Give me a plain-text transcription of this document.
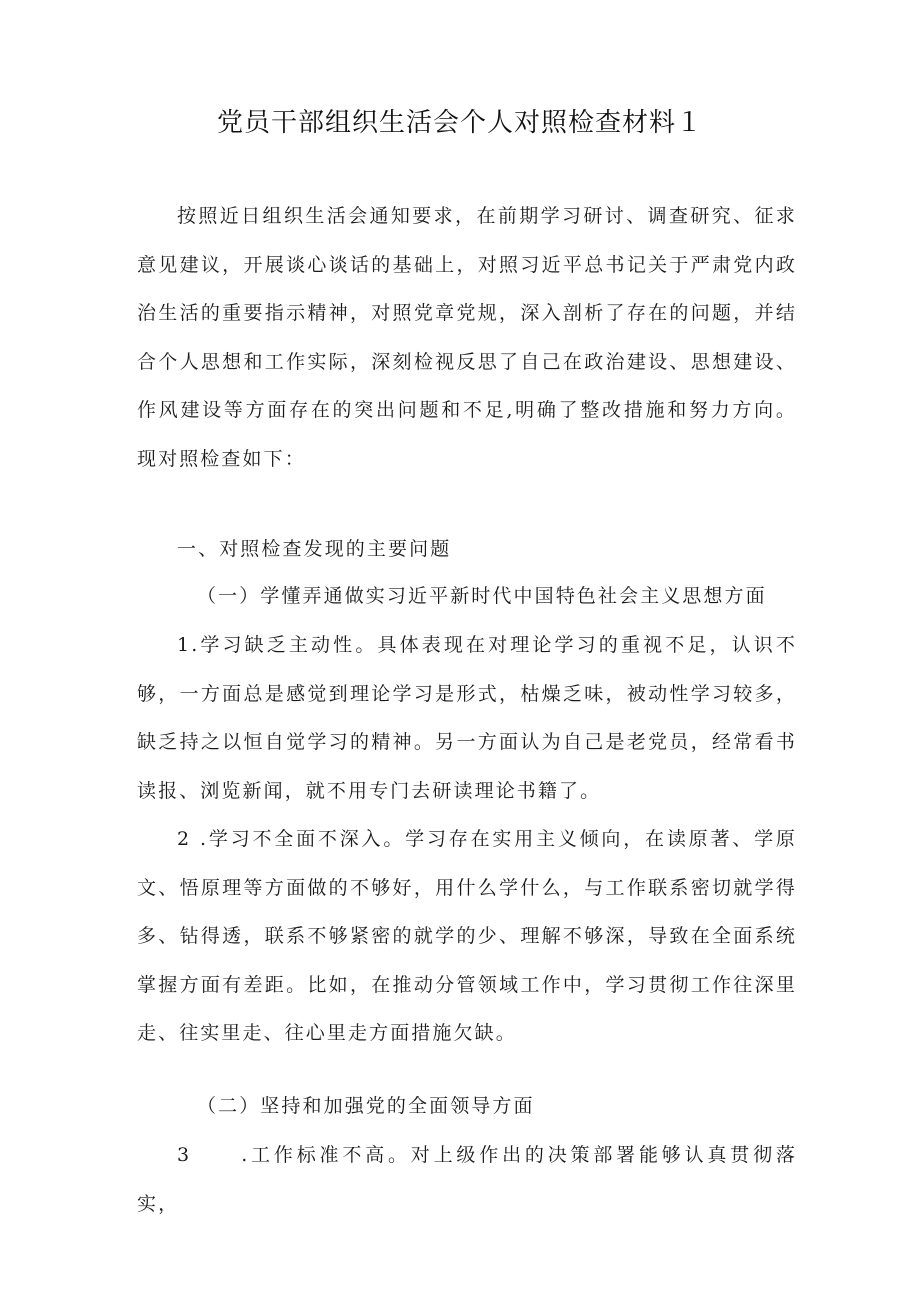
党员干部组织生活会个人对照检查材料１

按照近日组织生活会通知要求，在前期学习研讨、调查研究、征求意见建议，开展谈心谈话的基础上，对照习近平总书记关于严肃党内政治生活的重要指示精神，对照党章党规，深入剖析了存在的问题，并结合个人思想和工作实际，深刻检视反思了自己在政治建设、思想建设、作风建设等方面存在的突出问题和不足,明确了整改措施和努力方向。现对照检查如下：

一、对照检查发现的主要问题

（一）学懂弄通做实习近平新时代中国特色社会主义思想方面

1.学习缺乏主动性。具体表现在对理论学习的重视不足，认识不够，一方面总是感觉到理论学习是形式，枯燥乏味，被动性学习较多，缺乏持之以恒自觉学习的精神。另一方面认为自己是老党员，经常看书读报、浏览新闻，就不用专门去研读理论书籍了。

2 .学习不全面不深入。学习存在实用主义倾向，在读原著、学原文、悟原理等方面做的不够好，用什么学什么，与工作联系密切就学得多、钻得透，联系不够紧密的就学的少、理解不够深，导致在全面系统掌握方面有差距。比如，在推动分管领域工作中，学习贯彻工作往深里走、往实里走、往心里走方面措施欠缺。

（二）坚持和加强党的全面领导方面

3	.工作标准不高。对上级作出的决策部署能够认真贯彻落实，
